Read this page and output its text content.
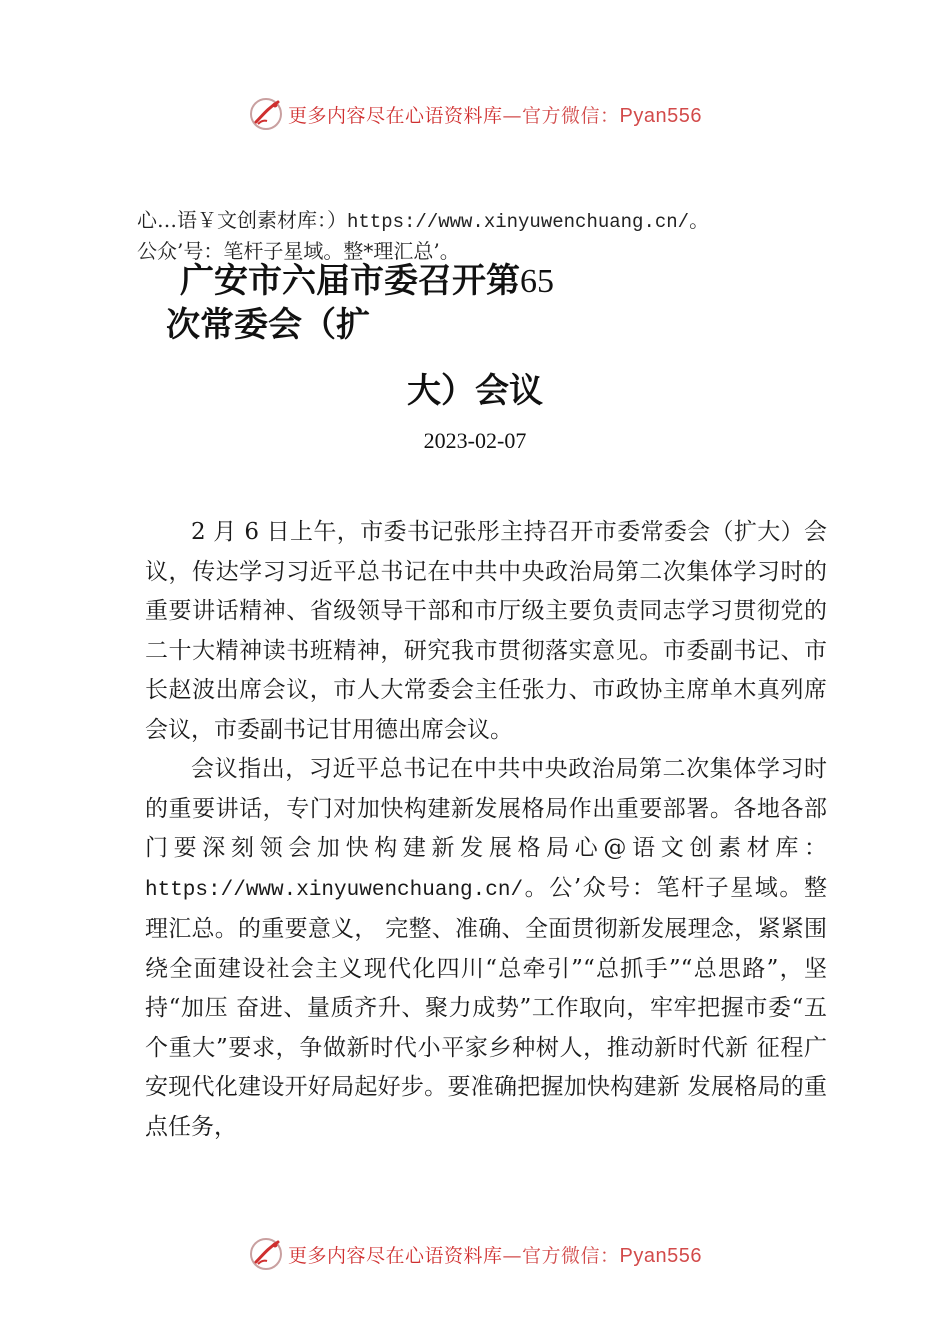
更多内容尽在心语资料库—官方微信：Pyan556
心…语￥文创素材库：）https://www.xinyuwenchuang.cn/。
公众’号：笔杆子星域。整*理汇总’。
广安市六届市委召开第65
次常委会（扩
大）会议
2023-02-07

2 月 6 日上午，市委书记张彤主持召开市委常委会（扩大）会议，传达学习习近平总书记在中共中央政治局第二次集体学习时的重要讲话精神、省级领导干部和市厅级主要负责同志学习贯彻党的二十大精神读书班精神，研究我市贯彻落实意见。市委副书记、市长赵波出席会议，市人大常委会主任张力、市政协主席单木真列席会议，市委副书记甘用德出席会议。

会议指出，习近平总书记在中共中央政治局第二次集体学习时的重要讲话，专门对加快构建新发展格局作出重要部署。各地各部门要深刻领会加快构建新发展格局心@语文创素材库：https://www.xinyuwenchuang.cn/。公’众号：笔杆子星域。整理汇总。的重要意义， 完整、准确、全面贯彻新发展理念，紧紧围绕全面建设社会主义现代化四川“总牵引”“总抓手”“总思路”，坚持“加压 奋进、量质齐升、聚力成势”工作取向，牢牢把握市委“五 个重大”要求，争做新时代小平家乡种树人，推动新时代新 征程广安现代化建设开好局起好步。要准确把握加快构建新 发展格局的重点任务，

更多内容尽在心语资料库—官方微信：Pyan556
